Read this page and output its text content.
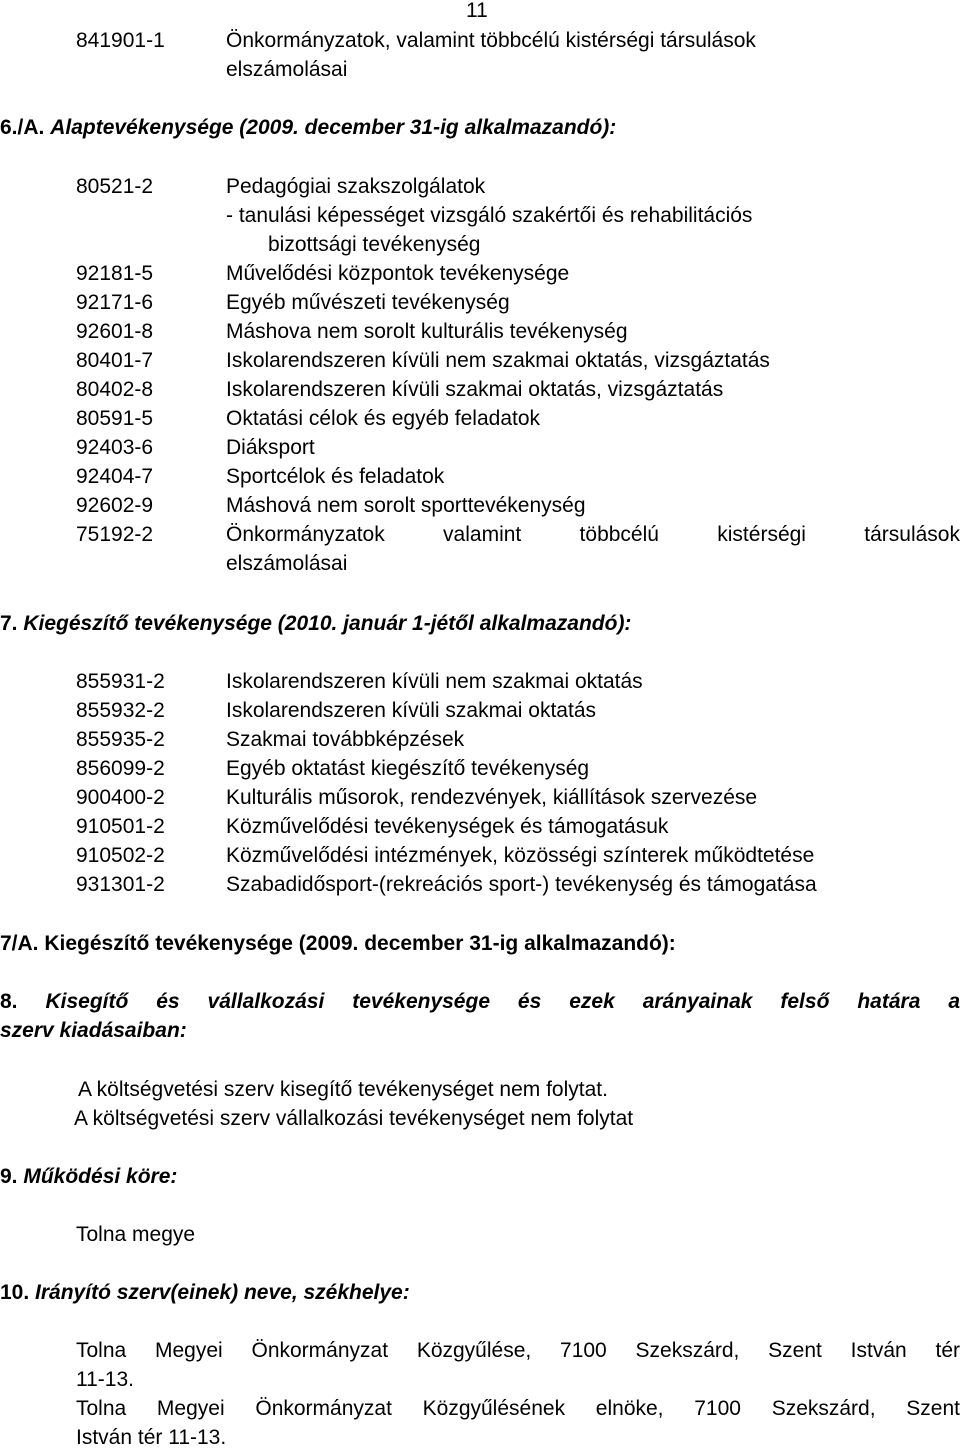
11
841901-1	Önkormányzatok, valamint többcélú kistérségi társulások
elszámolásai
6./A. Alaptevékenysége (2009. december 31-ig alkalmazandó):
80521-2	Pedagógiai szakszolgálatok
- tanulási képességet vizsgáló szakértői és rehabilitációs
bizottsági tevékenység
92181-5	Művelődési központok tevékenysége
92171-6	Egyéb művészeti tevékenység
92601-8	Máshova nem sorolt kulturális tevékenység
80401-7	Iskolarendszeren kívüli nem szakmai oktatás, vizsgáztatás
80402-8	Iskolarendszeren kívüli szakmai oktatás, vizsgáztatás
80591-5	Oktatási célok és egyéb feladatok
92403-6	Diáksport
92404-7	Sportcélok és feladatok
92602-9	Máshová nem sorolt sporttevékenység
75192-2	Önkormányzatok valamint többcélú kistérségi társulások
elszámolásai
7. Kiegészítő tevékenysége (2010. január 1-jétől alkalmazandó):
855931-2	Iskolarendszeren kívüli nem szakmai oktatás
855932-2	Iskolarendszeren kívüli szakmai oktatás
855935-2	Szakmai továbbképzések
856099-2	Egyéb oktatást kiegészítő tevékenység
900400-2	Kulturális műsorok, rendezvények, kiállítások szervezése
910501-2	Közművelődési tevékenységek és támogatásuk
910502-2	Közművelődési intézmények, közösségi színterek működtetése
931301-2	Szabadidősport-(rekreációs sport-) tevékenység és támogatása
7/A. Kiegészítő tevékenysége (2009. december 31-ig alkalmazandó):
8. Kisegítő és vállalkozási tevékenysége és ezek arányainak felső határa a
szerv kiadásaiban:
A költségvetési szerv kisegítő tevékenységet nem folytat.
A költségvetési szerv vállalkozási tevékenységet nem folytat
9. Működési köre:
Tolna megye
10. Irányító szerv(einek) neve, székhelye:
Tolna Megyei Önkormányzat Közgyűlése, 7100 Szekszárd, Szent István tér
11-13.
Tolna Megyei Önkormányzat Közgyűlésének elnöke, 7100 Szekszárd, Szent
István tér 11-13.
